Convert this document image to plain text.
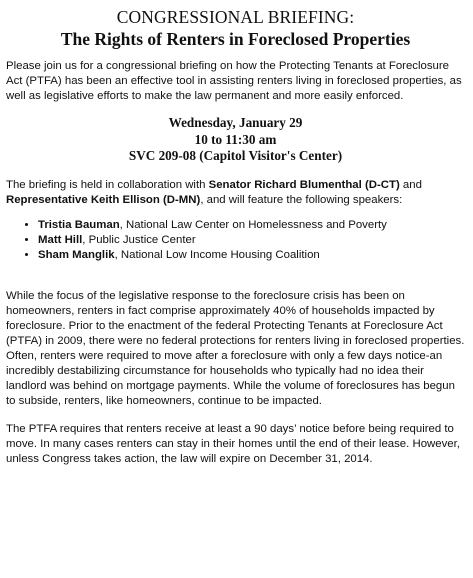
CONGRESSIONAL BRIEFING:
The Rights of Renters in Foreclosed Properties

Please join us for a congressional briefing on how the Protecting Tenants at Foreclosure Act (PTFA) has been an effective tool in assisting renters living in foreclosed properties, as well as legislative efforts to make the law permanent and more easily enforced.

Wednesday, January 29
10 to 11:30 am
SVC 209-08 (Capitol Visitor's Center)

The briefing is held in collaboration with Senator Richard Blumenthal (D-CT) and Representative Keith Ellison (D-MN), and will feature the following speakers:

• Tristia Bauman, National Law Center on Homelessness and Poverty
• Matt Hill, Public Justice Center
• Sham Manglik, National Low Income Housing Coalition

While the focus of the legislative response to the foreclosure crisis has been on homeowners, renters in fact comprise approximately 40% of households impacted by foreclosure. Prior to the enactment of the federal Protecting Tenants at Foreclosure Act (PTFA) in 2009, there were no federal protections for renters living in foreclosed properties. Often, renters were required to move after a foreclosure with only a few days notice-an incredibly destabilizing circumstance for households who typically had no idea their landlord was behind on mortgage payments. While the volume of foreclosures has begun to subside, renters, like homeowners, continue to be impacted.

The PTFA requires that renters receive at least a 90 days’ notice before being required to move. In many cases renters can stay in their homes until the end of their lease. However, unless Congress takes action, the law will expire on December 31, 2014.
